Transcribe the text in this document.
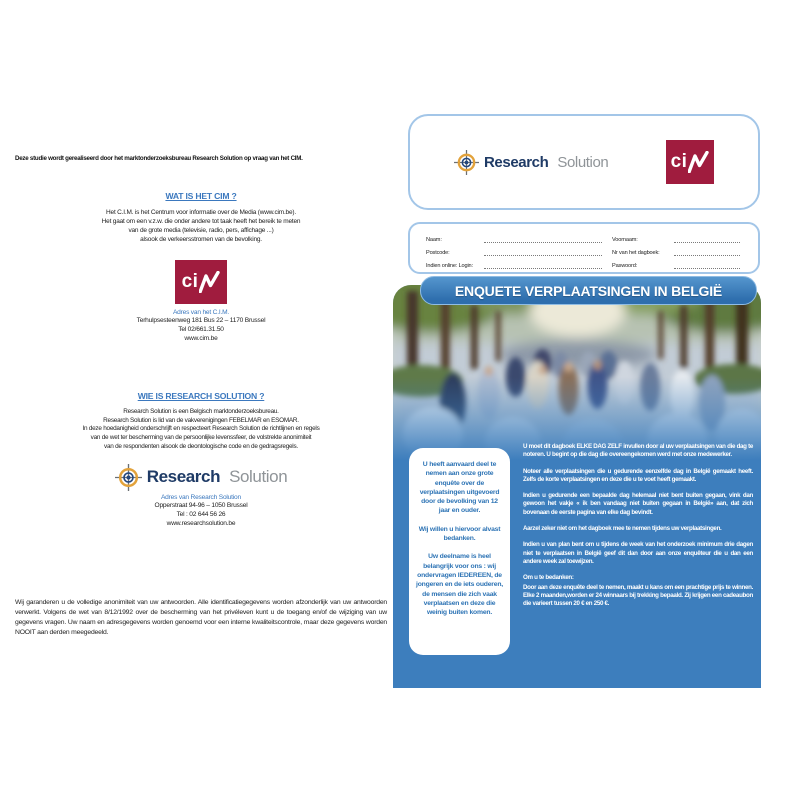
Deze studie wordt gerealiseerd door het marktonderzoeksbureau Research Solution op vraag van het CIM.
WAT IS HET CIM ?
Het C.I.M. is het Centrum voor informatie over de Media (www.cim.be).
Het gaat om een v.z.w. die onder andere tot taak heeft het bereik te meten
van de grote media (televisie, radio, pers, affichage ...)
alsook de verkeersstromen van de bevolking.
ci
Adres van het C.I.M.
Terhulpsesteenweg 181 Bus 22 – 1170 Brussel
Tel 02/661.31.50
www.cim.be
WIE IS RESEARCH SOLUTION ?
Research Solution is een Belgisch marktonderzoeksbureau.
Research Solution is lid van de vakverenigingen FEBELMAR en ESOMAR.
In deze hoedanigheid onderschrijft en respecteert Research Solution de richtlijnen en regels
van de wet ter bescherming van de persoonlijke levenssfeer, de volstrekte anonimiteit
van de respondenten alsook de deontologische code en de gedragsregels.
Research Solution
Adres van Research Solution
Opperstraat 94-96 – 1050 Brussel
Tel : 02 644 56 26
www.researchsolution.be
Wij garanderen u de volledige anonimiteit van uw antwoorden. Alle identificatiegegevens worden afzonderlijk van uw antwoorden verwerkt. Volgens de wet van 8/12/1992 over de bescherming van het privéleven kunt u de toegang en/of de wijziging van uw gegevens vragen. Uw naam en adresgegevens worden genoemd voor een interne kwaliteitscontrole, maar deze gegevens worden NOOIT aan derden meegedeeld.
Research Solution	ci
Naam:	Voornaam:
Postcode:	Nr van het dagboek:
Indien online: Login:	Paswoord:
ENQUETE VERPLAATSINGEN IN BELGIË

U heeft aanvaard deel te nemen aan onze grote enquête over de verplaatsingen uitgevoerd door de bevolking van 12 jaar en ouder.

Wij willen u hiervoor alvast bedanken.

Uw deelname is heel belangrijk voor ons : wij ondervragen IEDEREEN, de jongeren en de iets ouderen, de mensen die zich vaak verplaatsen en deze die weinig buiten komen.

U moet dit dagboek ELKE DAG ZELF invullen door al uw verplaatsingen van die dag te noteren. U begint op die dag die overeengekomen werd met onze medewerker.

Noteer alle verplaatsingen die u gedurende eenzelfde dag in België gemaakt heeft. Zelfs de korte verplaatsingen en deze die u te voet heeft gemaakt.

Indien u gedurende een bepaalde dag helemaal niet bent buiten gegaan, vink dan gewoon het vakje « ik ben vandaag niet buiten gegaan in België» aan, dat zich bovenaan de eerste pagina van elke dag bevindt.

Aarzel zeker niet om het dagboek mee te nemen tijdens uw verplaatsingen.

Indien u van plan bent om u tijdens de week van het onderzoek minimum drie dagen niet te verplaatsen in België geef dit dan door aan onze enquêteur die u dan een andere week zal toewijzen.

Om u te bedanken:

Door aan deze enquête deel te nemen, maakt u kans om een prachtige prijs te winnen. Elke 2 maanden,worden er 24 winnaars bij trekking bepaald. Zij krijgen een cadeaubon die varieert tussen 20 € en 250 €.
